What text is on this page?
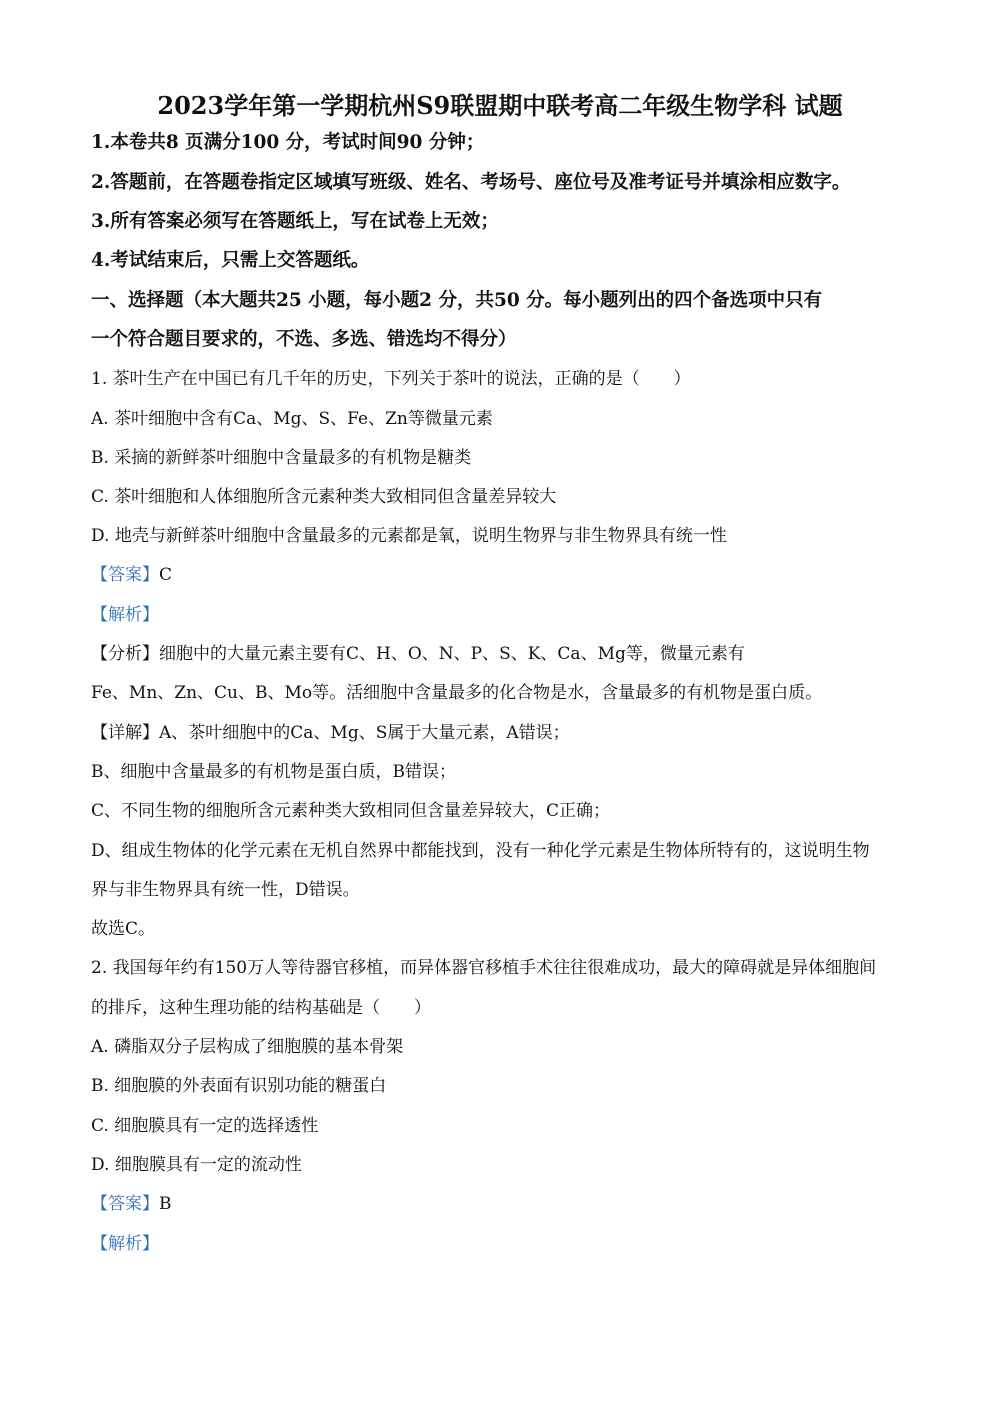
2023学年第一学期杭州S9联盟期中联考高二年级生物学科 试题
1.本卷共8 页满分100 分，考试时间90 分钟；
2.答题前，在答题卷指定区域填写班级、姓名、考场号、座位号及准考证号并填涂相应数字。
3.所有答案必须写在答题纸上，写在试卷上无效；
4.考试结束后，只需上交答题纸。
一、选择题（本大题共25 小题，每小题2 分，共50 分。每小题列出的四个备选项中只有
一个符合题目要求的，不选、多选、错选均不得分）
1. 茶叶生产在中国已有几千年的历史，下列关于茶叶的说法，正确的是（　　）
A. 茶叶细胞中含有Ca、Mg、S、Fe、Zn等微量元素
B. 采摘的新鲜茶叶细胞中含量最多的有机物是糖类
C. 茶叶细胞和人体细胞所含元素种类大致相同但含量差异较大
D. 地壳与新鲜茶叶细胞中含量最多的元素都是氧，说明生物界与非生物界具有统一性
【答案】C
【解析】
【分析】细胞中的大量元素主要有C、H、O、N、P、S、K、Ca、Mg等，微量元素有
Fe、Mn、Zn、Cu、B、Mo等。活细胞中含量最多的化合物是水，含量最多的有机物是蛋白质。
【详解】A、茶叶细胞中的Ca、Mg、S属于大量元素，A错误；
B、细胞中含量最多的有机物是蛋白质，B错误；
C、不同生物的细胞所含元素种类大致相同但含量差异较大，C正确；
D、组成生物体的化学元素在无机自然界中都能找到，没有一种化学元素是生物体所特有的，这说明生物
界与非生物界具有统一性，D错误。
故选C。
2. 我国每年约有150万人等待器官移植，而异体器官移植手术往往很难成功，最大的障碍就是异体细胞间
的排斥，这种生理功能的结构基础是（　　）
A. 磷脂双分子层构成了细胞膜的基本骨架
B. 细胞膜的外表面有识别功能的糖蛋白
C. 细胞膜具有一定的选择透性
D. 细胞膜具有一定的流动性
【答案】B
【解析】
